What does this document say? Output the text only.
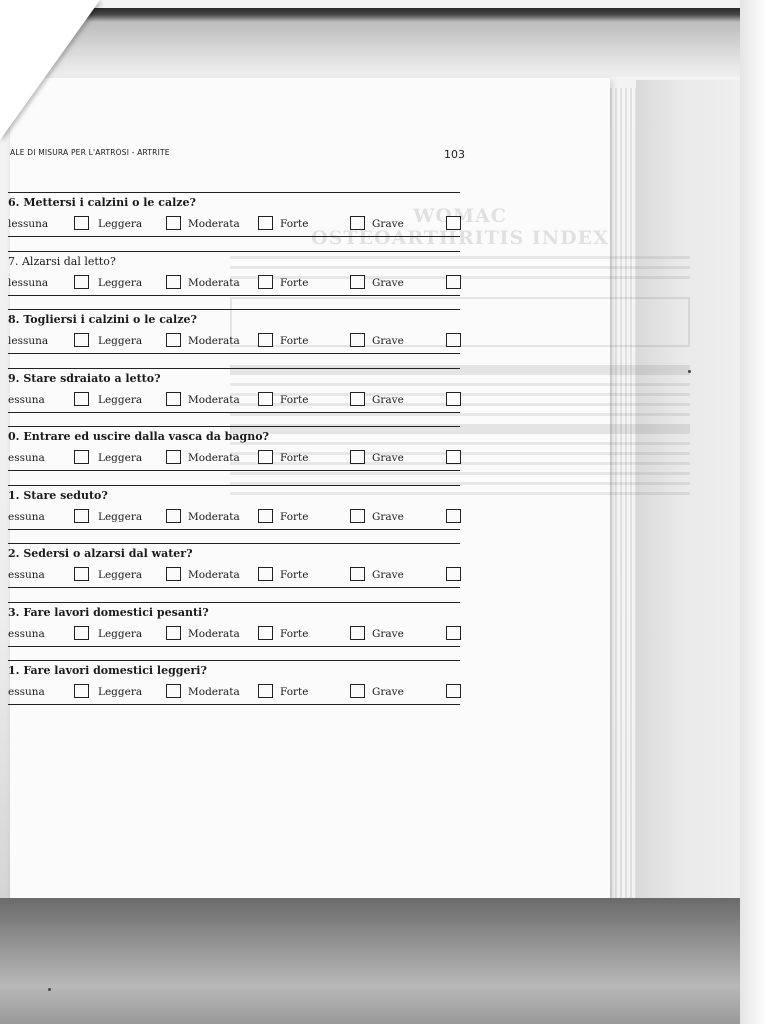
ALE DI MISURA PER L'ARTROSI - ARTRITE	103
6. Mettersi i calzini o le calze?
lessuna	Leggera	Moderata	Forte	Grave
7. Alzarsi dal letto?
lessuna	Leggera	Moderata	Forte	Grave
8. Togliersi i calzini o le calze?
lessuna	Leggera	Moderata	Forte	Grave
9. Stare sdraiato a letto?
essuna	Leggera	Moderata	Forte	Grave
0. Entrare ed uscire dalla vasca da bagno?
essuna	Leggera	Moderata	Forte	Grave
1. Stare seduto?
essuna	Leggera	Moderata	Forte	Grave
2. Sedersi o alzarsi dal water?
essuna	Leggera	Moderata	Forte	Grave
3. Fare lavori domestici pesanti?
essuna	Leggera	Moderata	Forte	Grave
1. Fare lavori domestici leggeri?
essuna	Leggera	Moderata	Forte	Grave
